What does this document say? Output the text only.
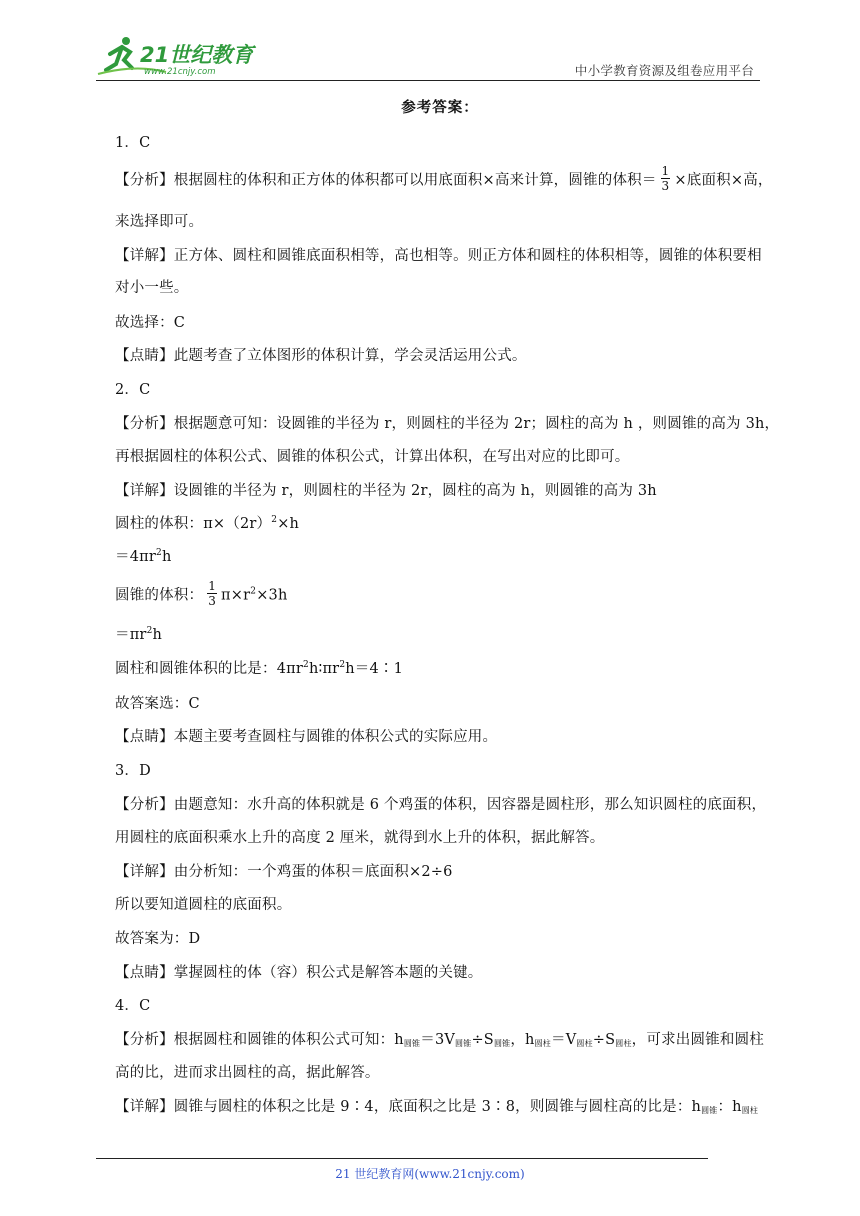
21世纪教育
www.21cnjy.com	中小学教育资源及组卷应用平台
参考答案：
1．C
【分析】根据圆柱的体积和正方体的体积都可以用底面积×高来计算，圆锥的体积＝ $\frac{1}{3}$ ×底面积×高，
来选择即可。
【详解】正方体、圆柱和圆锥底面积相等，高也相等。则正方体和圆柱的体积相等，圆锥的体积要相
对小一些。
故选择：C
【点睛】此题考查了立体图形的体积计算，学会灵活运用公式。
2．C
【分析】根据题意可知：设圆锥的半径为 r，则圆柱的半径为 2r；圆柱的高为 h ，则圆锥的高为 3h，
再根据圆柱的体积公式、圆锥的体积公式，计算出体积，在写出对应的比即可。
【详解】设圆锥的半径为 r，则圆柱的半径为 2r，圆柱的高为 h，则圆锥的高为 3h
圆柱的体积：$\pi\times(2r)^2\times h$
$=4\pi r^2h$
圆锥的体积： $\frac{1}{3} \pi\times r^2\times 3h$
$=\pi r^2h$
圆柱和圆锥体积的比是：$4\pi r^2h∶\pi r^2h=4∶1$
故答案选：C
【点睛】本题主要考查圆柱与圆锥的体积公式的实际应用。
3．D
【分析】由题意知：水升高的体积就是 6 个鸡蛋的体积，因容器是圆柱形，那么知识圆柱的底面积，
用圆柱的底面积乘水上升的高度 2 厘米，就得到水上升的体积，据此解答。
【详解】由分析知：一个鸡蛋的体积＝底面积×2÷6
所以要知道圆柱的底面积。
故答案为：D
【点睛】掌握圆柱的体（容）积公式是解答本题的关键。
4．C
【分析】根据圆柱和圆锥的体积公式可知：$h_{圆锥}=3V_{圆锥}\div S_{圆锥}$，$h_{圆柱}=V_{圆柱}\div S_{圆柱}$，可求出圆锥和圆柱
高的比，进而求出圆柱的高，据此解答。
【详解】圆锥与圆柱的体积之比是 9∶4，底面积之比是 3∶8，则圆锥与圆柱高的比是：$h_{圆锥}$：$h_{圆柱}$
21 世纪教育网(www.21cnjy.com)
